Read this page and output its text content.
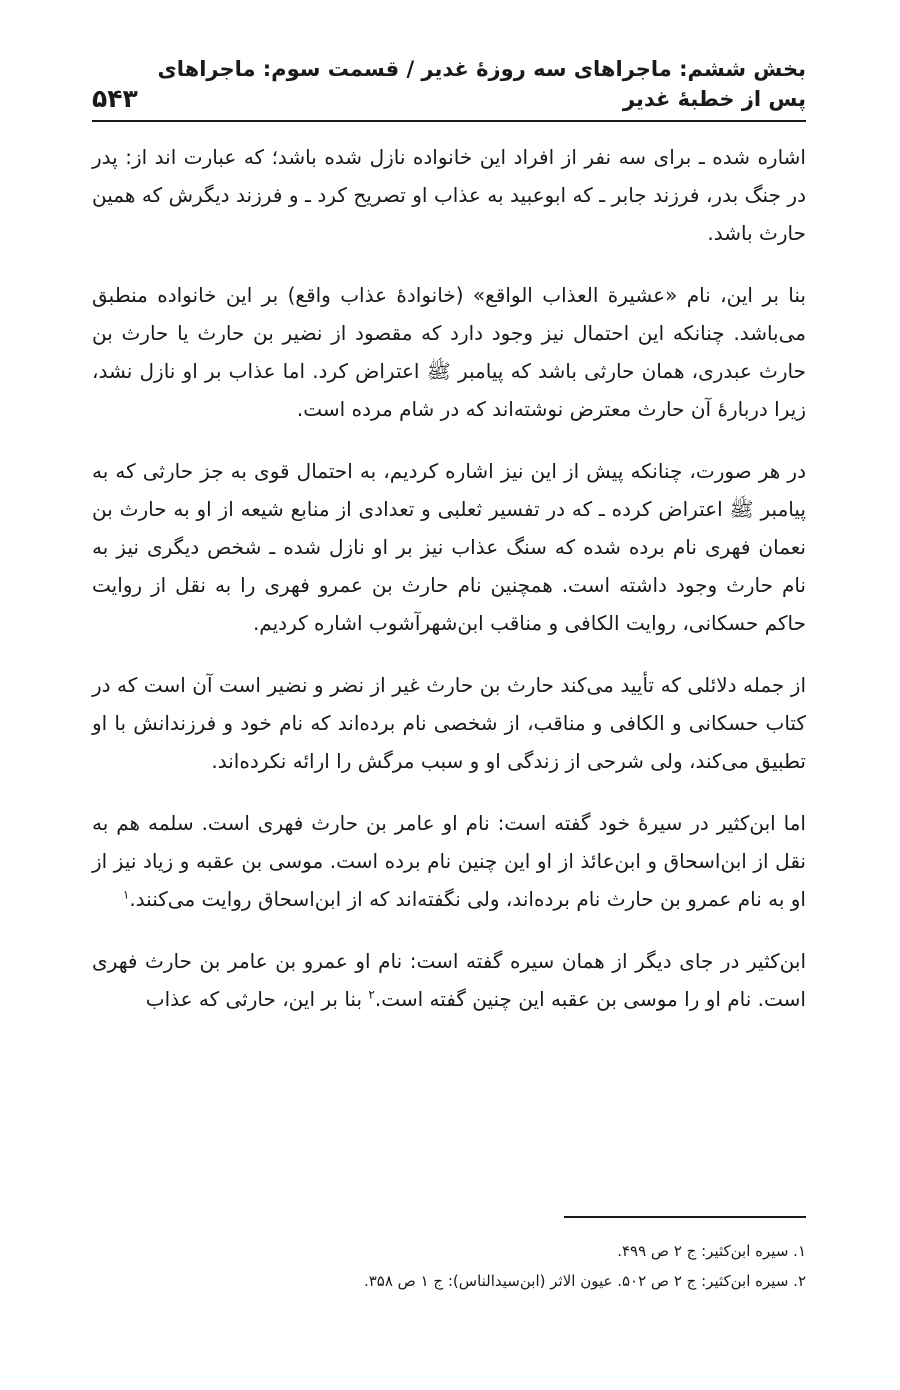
بخش ششم: ماجراهای سه روزهٔ غدیر / قسمت سوم: ماجراهای پس از خطبهٔ غدیر
۵۴۳

اشاره شده ـ برای سه نفر از افراد این خانواده نازل شده باشد؛ که عبارت اند از: پدر در جنگ بدر، فرزند جابر ـ که ابوعبید به عذاب او تصریح کرد ـ و فرزند دیگرش که همین حارث باشد.

بنا بر این، نام «عشیرة العذاب الواقع» (خانوادهٔ عذاب واقع) بر این خانواده منطبق می‌باشد. چنانکه این احتمال نیز وجود دارد که مقصود از نضیر بن حارث یا حارث بن حارث عبدری، همان حارثی باشد که پیامبر ﷺ اعتراض کرد. اما عذاب بر او نازل نشد، زیرا دربارهٔ آن حارث معترض نوشته‌اند که در شام مرده است.

در هر صورت، چنانکه پیش از این نیز اشاره کردیم، به احتمال قوی به جز حارثی که به پیامبر ﷺ اعتراض کرده ـ که در تفسیر ثعلبی و تعدادی از منابع شیعه از او به حارث بن نعمان فهری نام برده شده که سنگ عذاب نیز بر او نازل شده ـ شخص دیگری نیز به نام حارث وجود داشته است. همچنین نام حارث بن عمرو فهری را به نقل از روایت حاکم حسکانی، روایت الکافی و مناقب ابن‌شهرآشوب اشاره کردیم.

از جمله دلائلی که تأیید می‌کند حارث بن حارث غیر از نضر و نضیر است آن است که در کتاب حسکانی و الکافی و مناقب، از شخصی نام برده‌اند که نام خود و فرزندانش با او تطبیق می‌کند، ولی شرحی از زندگی او و سبب مرگش را ارائه نکرده‌اند.

اما ابن‌کثیر در سیرهٔ خود گفته است: نام او عامر بن حارث فهری است. سلمه هم به نقل از ابن‌اسحاق و ابن‌عائذ از او این چنین نام برده است. موسی بن عقبه و زیاد نیز از او به نام عمرو بن حارث نام برده‌اند، ولی نگفته‌اند که از ابن‌اسحاق روایت می‌کنند.$^۱$

ابن‌کثیر در جای دیگر از همان سیره گفته است: نام او عمرو بن عامر بن حارث فهری است. نام او را موسی بن عقبه این چنین گفته است.$^۲$ بنا بر این، حارثی که عذاب

۱. سیره ابن‌کثیر: ج ۲ ص ۴۹۹.
۲. سیره ابن‌کثیر: ج ۲ ص ۵۰۲. عیون الاثر (ابن‌سیدالناس): ج ۱ ص ۳۵۸.
